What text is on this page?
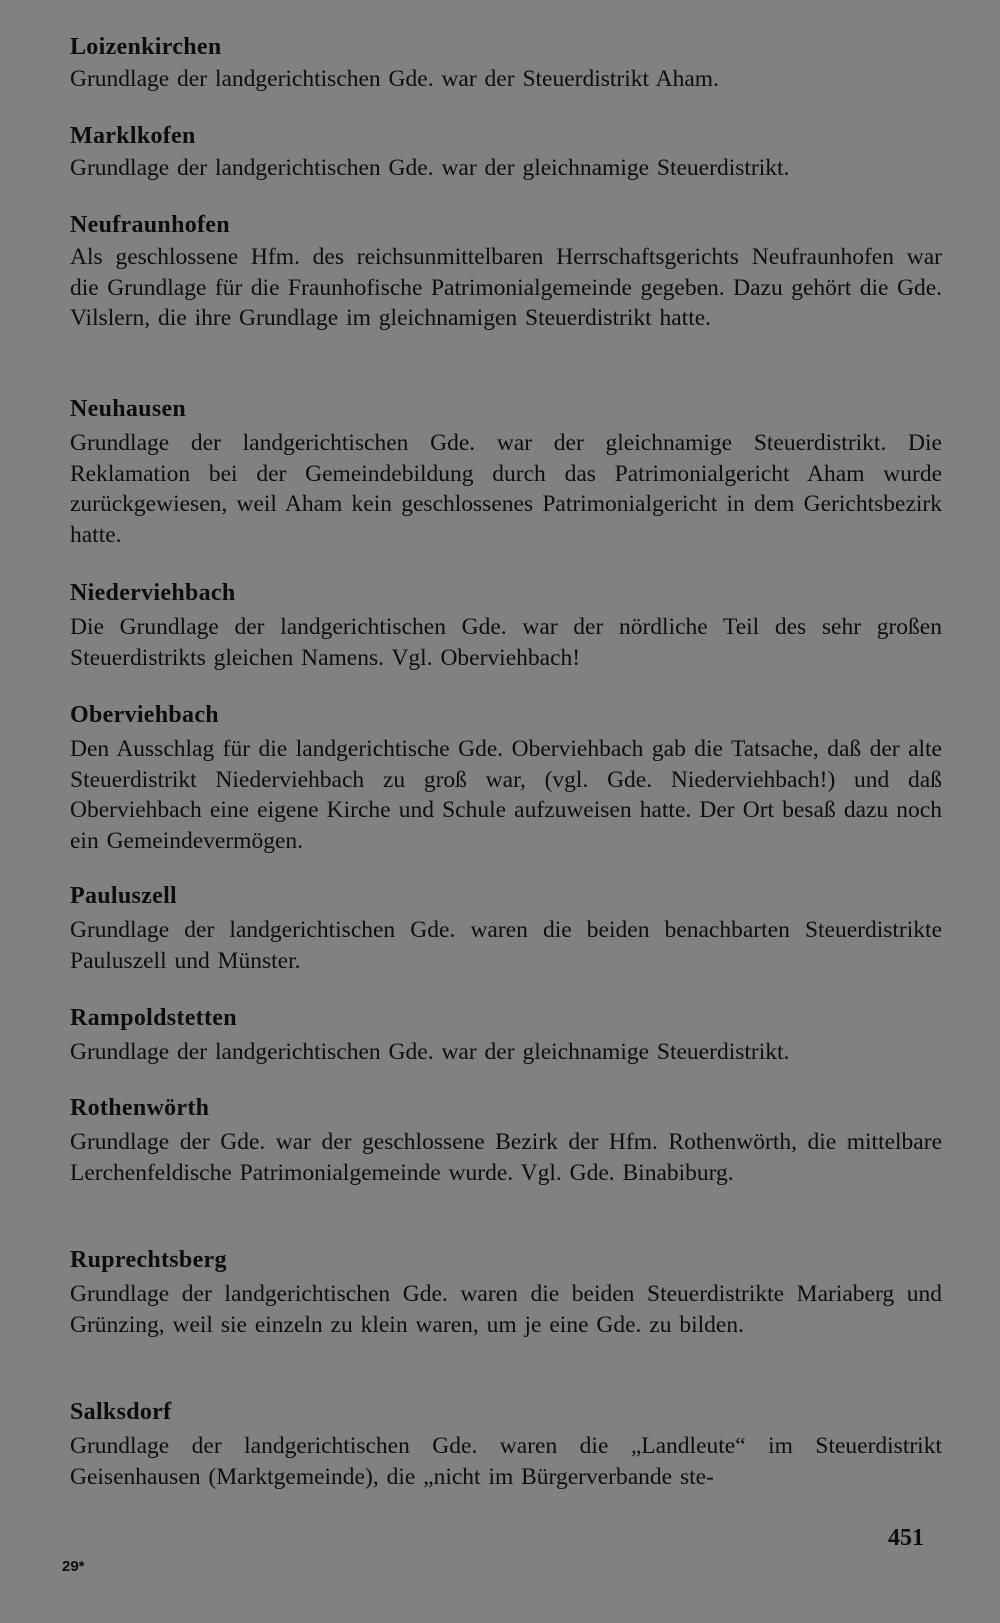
Loizenkirchen
Grundlage der landgerichtischen Gde. war der Steuerdistrikt Aham.
Marklkofen
Grundlage der landgerichtischen Gde. war der gleichnamige Steuerdistrikt.
Neufraunhofen
Als geschlossene Hfm. des reichsunmittelbaren Herrschaftsgerichts Neufraunhofen war die Grundlage für die Fraunhofische Patrimonialgemeinde gegeben. Dazu gehört die Gde. Vilslern, die ihre Grundlage im gleichnamigen Steuerdistrikt hatte.
Neuhausen
Grundlage der landgerichtischen Gde. war der gleichnamige Steuerdistrikt. Die Reklamation bei der Gemeindebildung durch das Patrimonialgericht Aham wurde zurückgewiesen, weil Aham kein geschlossenes Patrimonialgericht in dem Gerichtsbezirk hatte.
Niederviehbach
Die Grundlage der landgerichtischen Gde. war der nördliche Teil des sehr großen Steuerdistrikts gleichen Namens. Vgl. Oberviehbach!
Oberviehbach
Den Ausschlag für die landgerichtische Gde. Oberviehbach gab die Tatsache, daß der alte Steuerdistrikt Niederviehbach zu groß war, (vgl. Gde. Niederviehbach!) und daß Oberviehbach eine eigene Kirche und Schule aufzuweisen hatte. Der Ort besaß dazu noch ein Gemeindevermögen.
Pauluszell
Grundlage der landgerichtischen Gde. waren die beiden benachbarten Steuerdistrikte Pauluszell und Münster.
Rampoldstetten
Grundlage der landgerichtischen Gde. war der gleichnamige Steuerdistrikt.
Rothenwörth
Grundlage der Gde. war der geschlossene Bezirk der Hfm. Rothenwörth, die mittelbare Lerchenfeldische Patrimonialgemeinde wurde. Vgl. Gde. Binabiburg.
Ruprechtsberg
Grundlage der landgerichtischen Gde. waren die beiden Steuerdistrikte Mariaberg und Grünzing, weil sie einzeln zu klein waren, um je eine Gde. zu bilden.
Salksdorf
Grundlage der landgerichtischen Gde. waren die „Landleute“ im Steuerdistrikt Geisenhausen (Marktgemeinde), die „nicht im Bürgerverbande ste-
451
29*
